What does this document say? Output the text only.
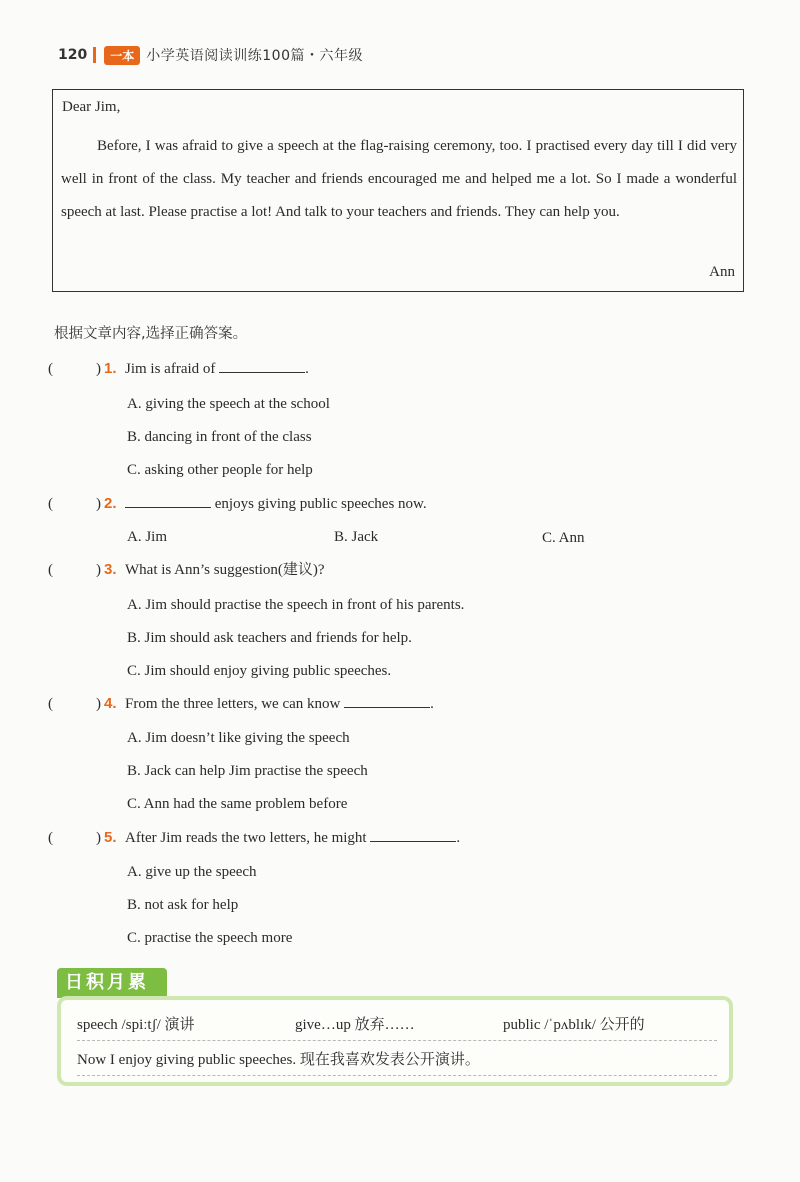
120	一本 小学英语阅读训练100篇・六年级
Dear Jim,
Before, I was afraid to give a speech at the flag-raising ceremony, too. I practised every day till I did very well in front of the class. My teacher and friends encouraged me and helped me a lot. So I made a wonderful speech at last. Please practise a lot! And talk to your teachers and friends. They can help you.
Ann
根据文章内容,选择正确答案。
(	) 1. Jim is afraid of	.
A. giving the speech at the school
B. dancing in front of the class
C. asking other people for help
(	) 2.	enjoys giving public speeches now.
A. Jim	B. Jack	C. Ann
(	) 3. What is Ann’s suggestion(建议)?
A. Jim should practise the speech in front of his parents.
B. Jim should ask teachers and friends for help.
C. Jim should enjoy giving public speeches.
(	) 4. From the three letters, we can know	.
A. Jim doesn’t like giving the speech
B. Jack can help Jim practise the speech
C. Ann had the same problem before
(	) 5. After Jim reads the two letters, he might	.
A. give up the speech
B. not ask for help
C. practise the speech more
日积月累
speech /spiːtʃ/ 演讲	give…up 放弃……	public /ˈpʌblɪk/ 公开的
Now I enjoy giving public speeches. 现在我喜欢发表公开演讲。
